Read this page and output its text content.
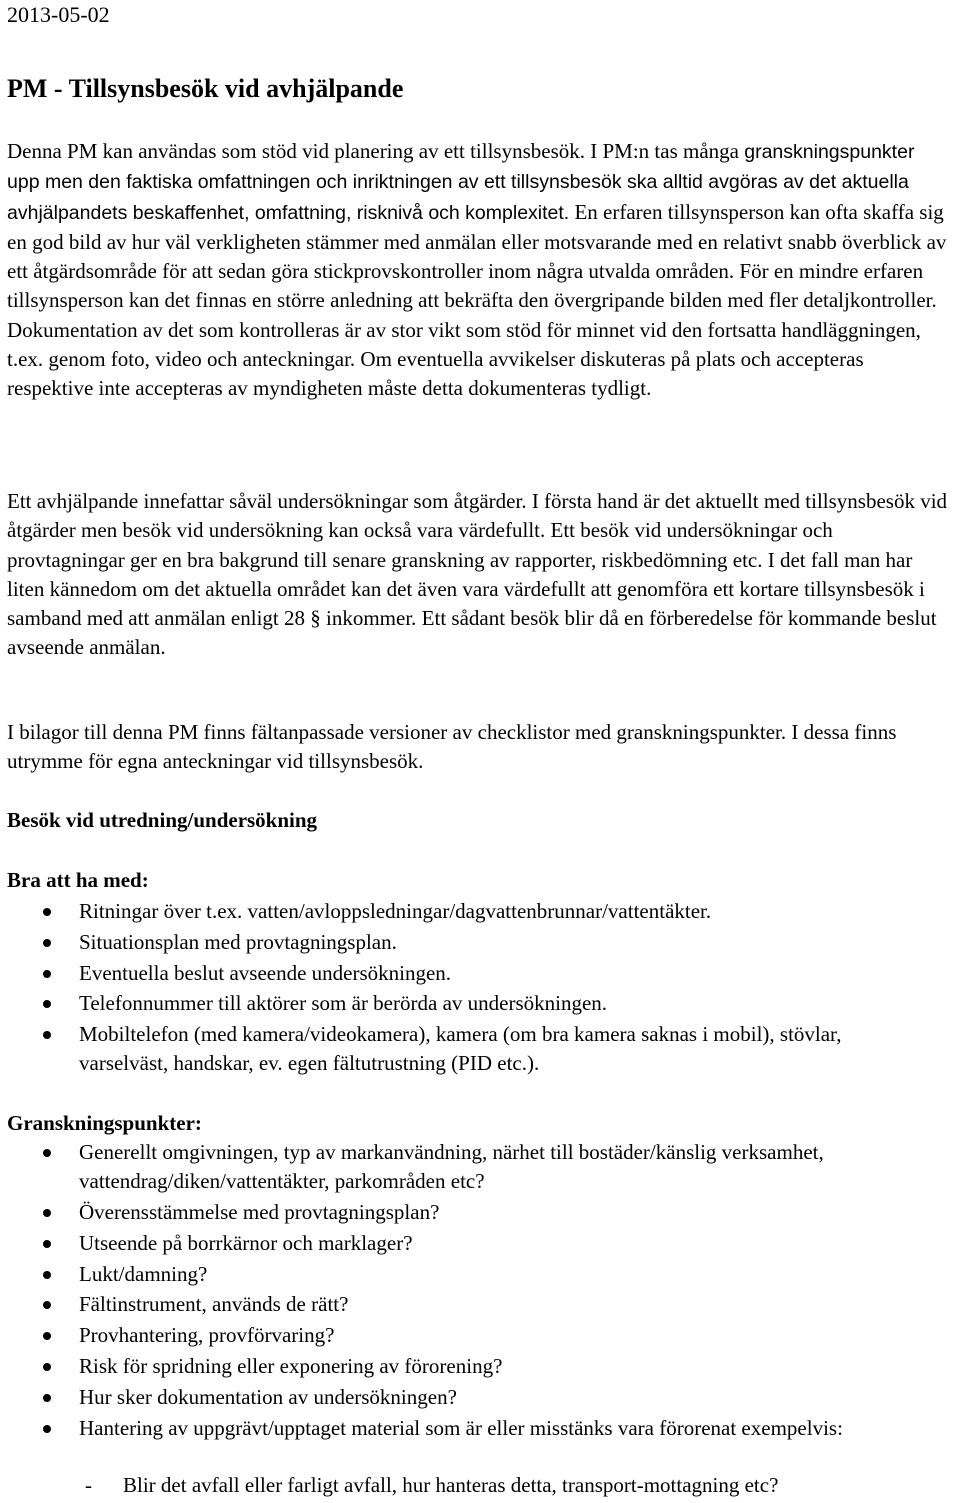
2013-05-02
PM - Tillsynsbesök vid avhjälpande

Denna PM kan användas som stöd vid planering av ett tillsynsbesök. I PM:n tas många granskningspunkter upp men den faktiska omfattningen och inriktningen av ett tillsynsbesök ska alltid avgöras av det aktuella avhjälpandets beskaffenhet, omfattning, risknivå och komplexitet. En erfaren tillsynsperson kan ofta skaffa sig en god bild av hur väl verkligheten stämmer med anmälan eller motsvarande med en relativt snabb överblick av ett åtgärdsområde för att sedan göra stickprovskontroller inom några utvalda områden. För en mindre erfaren tillsynsperson kan det finnas en större anledning att bekräfta den övergripande bilden med fler detaljkontroller. Dokumentation av det som kontrolleras är av stor vikt som stöd för minnet vid den fortsatta handläggningen, t.ex. genom foto, video och anteckningar. Om eventuella avvikelser diskuteras på plats och accepteras respektive inte accepteras av myndigheten måste detta dokumenteras tydligt.

Ett avhjälpande innefattar såväl undersökningar som åtgärder. I första hand är det aktuellt med tillsynsbesök vid åtgärder men besök vid undersökning kan också vara värdefullt. Ett besök vid undersökningar och provtagningar ger en bra bakgrund till senare granskning av rapporter, riskbedömning etc. I det fall man har liten kännedom om det aktuella området kan det även vara värdefullt att genomföra ett kortare tillsynsbesök i samband med att anmälan enligt 28 § inkommer. Ett sådant besök blir då en förberedelse för kommande beslut avseende anmälan.

I bilagor till denna PM finns fältanpassade versioner av checklistor med granskningspunkter. I dessa finns utrymme för egna anteckningar vid tillsynsbesök.

Besök vid utredning/undersökning
Bra att ha med:
Ritningar över t.ex. vatten/avloppsledningar/dagvattenbrunnar/vattentäkter.
Situationsplan med provtagningsplan.
Eventuella beslut avseende undersökningen.
Telefonnummer till aktörer som är berörda av undersökningen.
Mobiltelefon (med kamera/videokamera), kamera (om bra kamera saknas i mobil), stövlar, varselväst, handskar, ev. egen fältutrustning (PID etc.).
Granskningspunkter:
Generellt omgivningen, typ av markanvändning, närhet till bostäder/känslig verksamhet, vattendrag/diken/vattentäkter, parkområden etc?
Överensstämmelse med provtagningsplan?
Utseende på borrkärnor och marklager?
Lukt/damning?
Fältinstrument, används de rätt?
Provhantering, provförvaring?
Risk för spridning eller exponering av förorening?
Hur sker dokumentation av undersökningen?
Hantering av uppgrävt/upptaget material som är eller misstänks vara förorenat exempelvis:
- Blir det avfall eller farligt avfall, hur hanteras detta, transport-mottagning etc?
